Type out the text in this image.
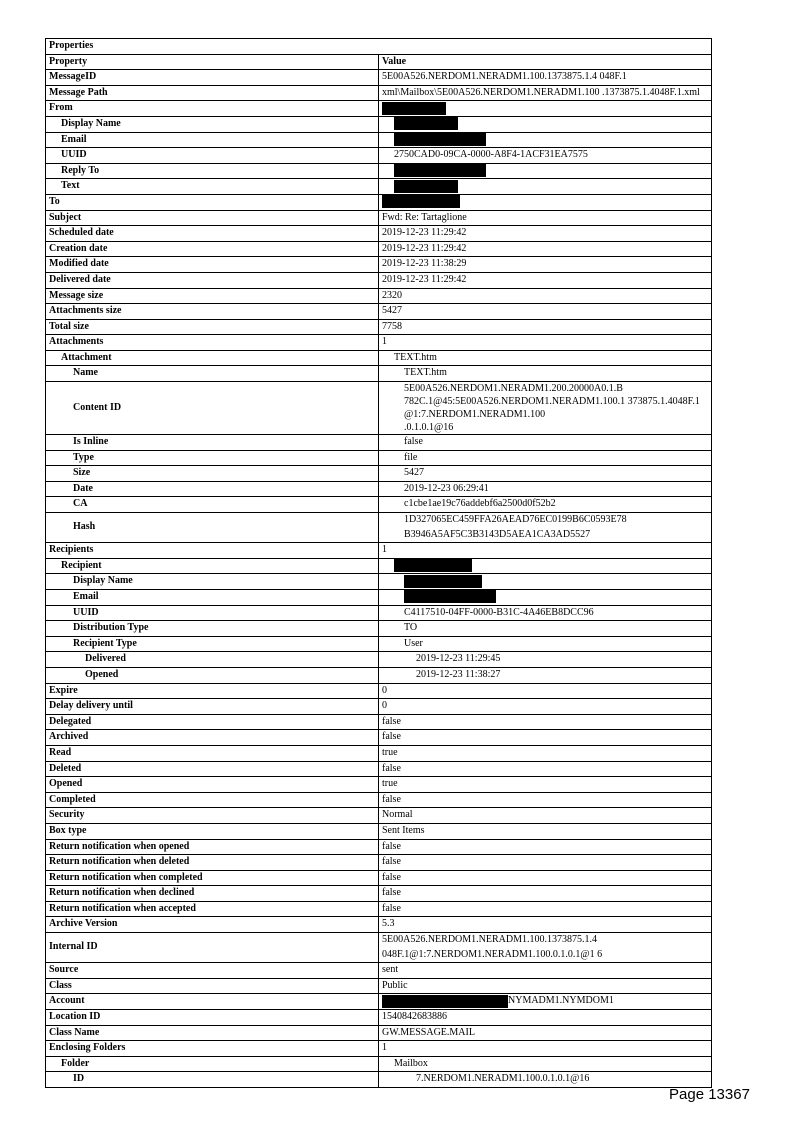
Properties	
Property	Value
MessageID	5E00A526.NERDOM1.NERADM1.100.1373875.1.4 048F.1
Message Path	xml\Mailbox\5E00A526.NERDOM1.NERADM1.100 .1373875.1.4048F.1.xml
From	
Display Name	
Email	
UUID	2750CAD0-09CA-0000-A8F4-1ACF31EA7575
Reply To	
Text	
To	
Subject	Fwd: Re: Tartaglione
Scheduled date	2019-12-23 11:29:42
Creation date	2019-12-23 11:29:42
Modified date	2019-12-23 11:38:29
Delivered date	2019-12-23 11:29:42
Message size	2320
Attachments size	5427
Total size	7758
Attachments	1
Attachment	TEXT.htm
Name	TEXT.htm
Content ID	5E00A526.NERDOM1.NERADM1.200.20000A0.1.B
782C.1@45:5E00A526.NERDOM1.NERADM1.100.1 373875.1.4048F.1@1:7.NERDOM1.NERADM1.100
.0.1.0.1@16

Is Inline	false
Type	file
Size	5427
Date	2019-12-23 06:29:41
CA	c1cbe1ae19c76addebf6a2500d0f52b2
Hash	1D327065EC459FFA26AEAD76EC0199B6C0593E78 B3946A5AF5C3B3143D5AEA1CA3AD5527
Recipients	1
Recipient	
Display Name	
Email	
UUID	C4117510-04FF-0000-B31C-4A46EB8DCC96
Distribution Type	TO
Recipient Type	User
Delivered	2019-12-23 11:29:45
Opened	2019-12-23 11:38:27
Expire	0
Delay delivery until	0
Delegated	false
Archived	false
Read	true
Deleted	false
Opened	true
Completed	false
Security	Normal
Box type	Sent Items
Return notification when opened	false
Return notification when deleted	false
Return notification when completed	false
Return notification when declined	false
Return notification when accepted	false
Archive Version	5.3
Internal ID	5E00A526.NERDOM1.NERADM1.100.1373875.1.4 048F.1@1:7.NERDOM1.NERADM1.100.0.1.0.1@1 6
Source	sent
Class	Public
Account	NYMADM1.NYMDOM1
Location ID	1540842683886
Class Name	GW.MESSAGE.MAIL
Enclosing Folders	1
Folder	Mailbox
ID	7.NERDOM1.NERADM1.100.0.1.0.1@16
Page 13367
